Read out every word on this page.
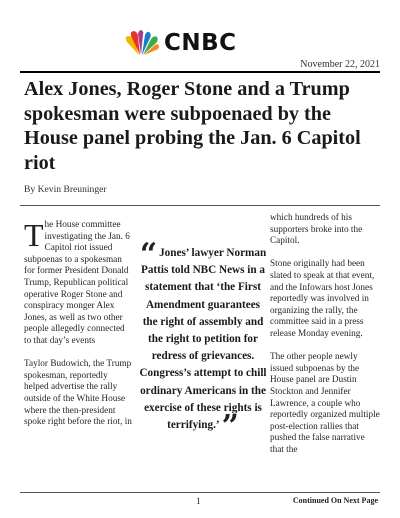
CNBC
November 22, 2021
Alex Jones, Roger Stone and a Trump spokesman were subpoenaed by the House panel probing the Jan. 6 Capitol riot
By Kevin Breuninger

The House committee investigating the Jan. 6 Capitol riot issued subpoenas to a spokesman for former President Donald Trump, Republican political operative Roger Stone and conspiracy monger Alex Jones, as well as two other people allegedly connected to that day’s events

Taylor Budowich, the Trump spokesman, reportedly helped advertise the rally outside of the White House where the then-president spoke right before the riot, in

“ Jones’ lawyer Norman Pattis told NBC News in a statement that ‘the First Amendment guarantees the right of assembly and the right to petition for redress of grievances. Congress’s attempt to chill ordinary Americans in the exercise of these rights is terrifying.’”

which hundreds of his supporters broke into the Capitol.

Stone originally had been slated to speak at that event, and the Infowars host Jones reportedly was involved in organizing the rally, the committee said in a press release Monday evening.

The other people newly issued subpoenas by the House panel are Dustin Stockton and Jennifer Lawrence, a couple who reportedly organized multiple post-election rallies that pushed the false narrative that the

1	Continued On Next Page
